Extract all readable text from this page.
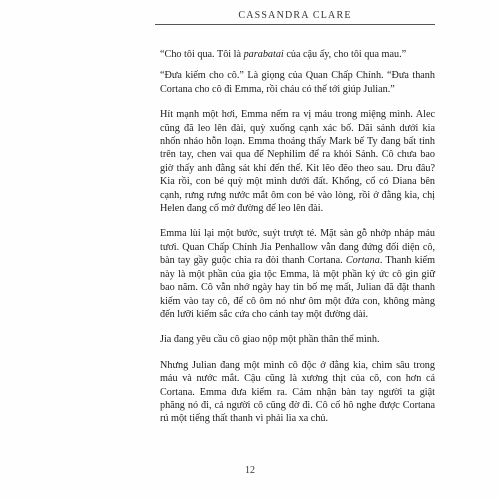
CASSANDRA CLARE

“Cho tôi qua. Tôi là parabatai của cậu ấy, cho tôi qua mau.”

“Đưa kiếm cho cô.” Là giọng của Quan Chấp Chính. “Đưa thanh Cortana cho cô đi Emma, rồi cháu có thể tới giúp Julian.”

Hít mạnh một hơi, Emma nếm ra vị máu trong miệng mình. Alec cũng đã leo lên đài, quỳ xuống cạnh xác bố. Dãi sảnh dưới kia nhốn nháo hỗn loạn. Emma thoáng thấy Mark bế Ty đang bất tỉnh trên tay, chen vai qua để Nephilim để ra khỏi Sảnh. Cô chưa bao giờ thấy anh đằng sát khí đến thế. Kit lẽo đẽo theo sau. Dru đâu? Kia rồi, con bé quỳ một mình dưới đất. Khổng, cổ có Diana bên cạnh, rưng rưng nước mắt ôm con bé vào lòng, rồi ở đằng kia, chị Helen đang cố mở đường để leo lên đài.

Emma lùi lại một bước, suýt trượt té. Mặt sàn gỗ nhớp nháp máu tươi. Quan Chấp Chính Jia Penhallow vẫn đang đứng đối diện cô, bàn tay gầy guộc chìa ra đòi thanh Cortana. Cortana. Thanh kiếm này là một phần của gia tộc Emma, là một phần ký ức cô gìn giữ bao năm. Cô vẫn nhớ ngày hay tin bố mẹ mất, Julian đã đặt thanh kiếm vào tay cô, để cô ôm nó như ôm một đứa con, không màng đến lưỡi kiếm sắc cứa cho cánh tay một đường dài.

Jia đang yêu cầu cô giao nộp một phần thân thể mình.

Nhưng Julian đang một mình cô độc ở đằng kia, chìm sâu trong máu và nước mắt. Cậu cũng là xương thịt của cô, con hơn cả Cortana. Emma đưa kiếm ra. Cảm nhận bàn tay người ta giật phăng nó đi, cả người cô cũng đờ đi. Cô cố hô nghe được Cortana rú một tiếng thất thanh vì phải lìa xa chủ.

12
